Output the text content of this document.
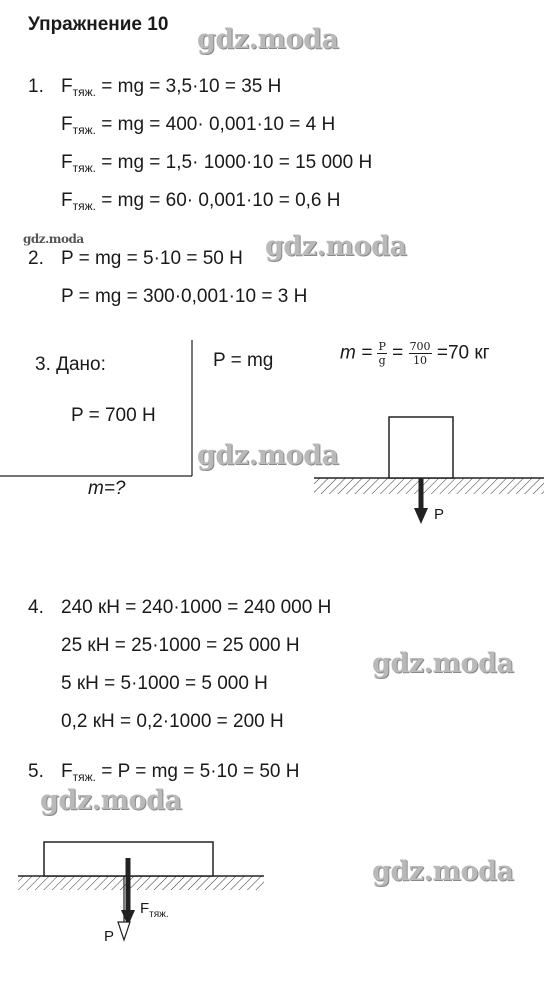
Упражнение 10 gdz.moda
gdz.moda	gdz.moda
gdz.moda
gdz.moda
gdz.moda
gdz.moda
1. $F_{тяж.}$ = mg = 3,5·10 = 35 Н
$F_{тяж.}$ = mg = 400· 0,001·10 = 4 Н
$F_{тяж.}$ = mg = 1,5· 1000·10 = 15 000 Н
$F_{тяж.}$ = mg = 60· 0,001·10 = 0,6 Н
2. P = mg = 5·10 = 50 Н
P = mg = 300·0,001·10 = 3 Н
3. Дано:
P = 700 Н
m=?
P = mg	$m = \frac{P}{g} = \frac{700}{10} =70$ кг
P
4. 240 кН = 240·1000 = 240 000 Н
25 кН = 25·1000 = 25 000 Н
5 кН = 5·1000 = 5 000 Н
0,2 кН = 0,2·1000 = 200 Н
5. $F_{тяж.} = P$ = mg = 5·10 = 50 Н
$F_{тяж.}$
P
